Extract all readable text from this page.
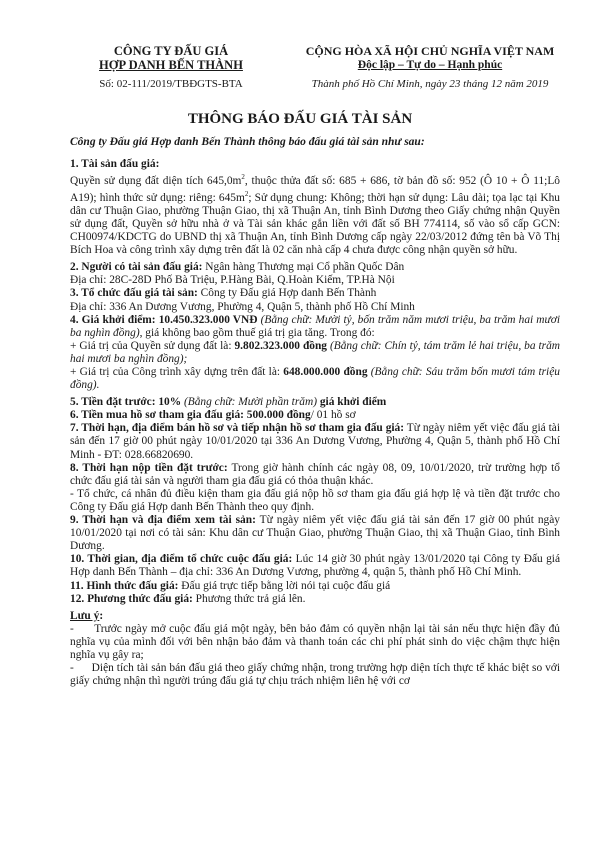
CÔNG TY ĐẤU GIÁ
HỢP DANH BẾN THÀNH
Số: 02-111/2019/TBĐGTS-BTA
CỘNG HÒA XÃ HỘI CHỦ NGHĨA VIỆT NAM
Độc lập – Tự do – Hạnh phúc
Thành phố Hồ Chí Minh, ngày 23 tháng 12 năm 2019
THÔNG BÁO ĐẤU GIÁ TÀI SẢN
Công ty Đấu giá Hợp danh Bến Thành thông báo đấu giá tài sản như sau:

1. Tài sản đấu giá:

Quyền sử dụng đất diện tích $645,0m^2$, thuộc thửa đất số: 685 + 686, tờ bản đồ số: 952 (Ô 10 + Ô 11;Lô A19); hình thức sử dụng: riêng: $645m^2$; Sử dụng chung: Không; thời hạn sử dụng: Lâu dài; tọa lạc tại Khu dân cư Thuận Giao, phường Thuận Giao, thị xã Thuận An, tỉnh Bình Dương theo Giấy chứng nhận Quyền sử dụng đất, Quyền sở hữu nhà ở và Tài sản khác gắn liền với đất số BH 774114, số vào sổ cấp GCN: CH00974/KDCTG do UBND thị xã Thuận An, tỉnh Bình Dương cấp ngày 22/03/2012 đứng tên bà Võ Thị Bích Hoa và công trình xây dựng trên đất là 02 căn nhà cấp 4 chưa được công nhận quyền sở hữu.

2. Người có tài sản đấu giá: Ngân hàng Thương mại Cổ phần Quốc Dân

Địa chỉ: 28C-28D Phố Bà Triệu, P.Hàng Bài, Q.Hoàn Kiếm, TP.Hà Nội

3. Tổ chức đấu giá tài sản: Công ty Đấu giá Hợp danh Bến Thành

Địa chỉ: 336 An Dương Vương, Phường 4, Quận 5, thành phố Hồ Chí Minh

4. Giá khởi điểm: 10.450.323.000 VNĐ (Bằng chữ: Mười tỷ, bốn trăm năm mươi triệu, ba trăm hai mươi ba nghìn đồng), giá không bao gồm thuế giá trị gia tăng. Trong đó:

+ Giá trị của Quyền sử dụng đất là: 9.802.323.000 đồng (Bằng chữ: Chín tỷ, tám trăm lẻ hai triệu, ba trăm hai mươi ba nghìn đồng);

+ Giá trị của Công trình xây dựng trên đất là: 648.000.000 đồng (Bằng chữ: Sáu trăm bốn mươi tám triệu đồng).

5. Tiền đặt trước: 10% (Bằng chữ: Mười phần trăm) giá khởi điểm

6. Tiền mua hồ sơ tham gia đấu giá: 500.000 đồng/ 01 hồ sơ

7. Thời hạn, địa điểm bán hồ sơ và tiếp nhận hồ sơ tham gia đấu giá: Từ ngày niêm yết việc đấu giá tài sản đến 17 giờ 00 phút ngày 10/01/2020 tại 336 An Dương Vương, Phường 4, Quận 5, thành phố Hồ Chí Minh - ĐT: 028.66820690.

8. Thời hạn nộp tiền đặt trước: Trong giờ hành chính các ngày 08, 09, 10/01/2020, trừ trường hợp tổ chức đấu giá tài sản và người tham gia đấu giá có thỏa thuận khác.

- Tổ chức, cá nhân đủ điều kiện tham gia đấu giá nộp hồ sơ tham gia đấu giá hợp lệ và tiền đặt trước cho Công ty Đấu giá Hợp danh Bến Thành theo quy định.

9. Thời hạn và địa điểm xem tài sản: Từ ngày niêm yết việc đấu giá tài sản đến 17 giờ 00 phút ngày 10/01/2020 tại nơi có tài sản: Khu dân cư Thuận Giao, phường Thuận Giao, thị xã Thuận Giao, tỉnh Bình Dương.

10. Thời gian, địa điểm tổ chức cuộc đấu giá: Lúc 14 giờ 30 phút ngày 13/01/2020 tại Công ty Đấu giá Hợp danh Bến Thành – địa chỉ: 336 An Dương Vương, phường 4, quận 5, thành phố Hồ Chí Minh.

11. Hình thức đấu giá: Đấu giá trực tiếp bằng lời nói tại cuộc đấu giá

12. Phương thức đấu giá: Phương thức trả giá lên.

Lưu ý:

-      Trước ngày mở cuộc đấu giá một ngày, bên bảo đảm có quyền nhận lại tài sản nếu thực hiện đầy đủ nghĩa vụ của mình đối với bên nhận bảo đảm và thanh toán các chi phí phát sinh do việc chậm thực hiện nghĩa vụ gây ra;

-      Diện tích tài sản bán đấu giá theo giấy chứng nhận, trong trường hợp diện tích thực tế khác biệt so với giấy chứng nhận thì người trúng đấu giá tự chịu trách nhiệm liên hệ với cơ
